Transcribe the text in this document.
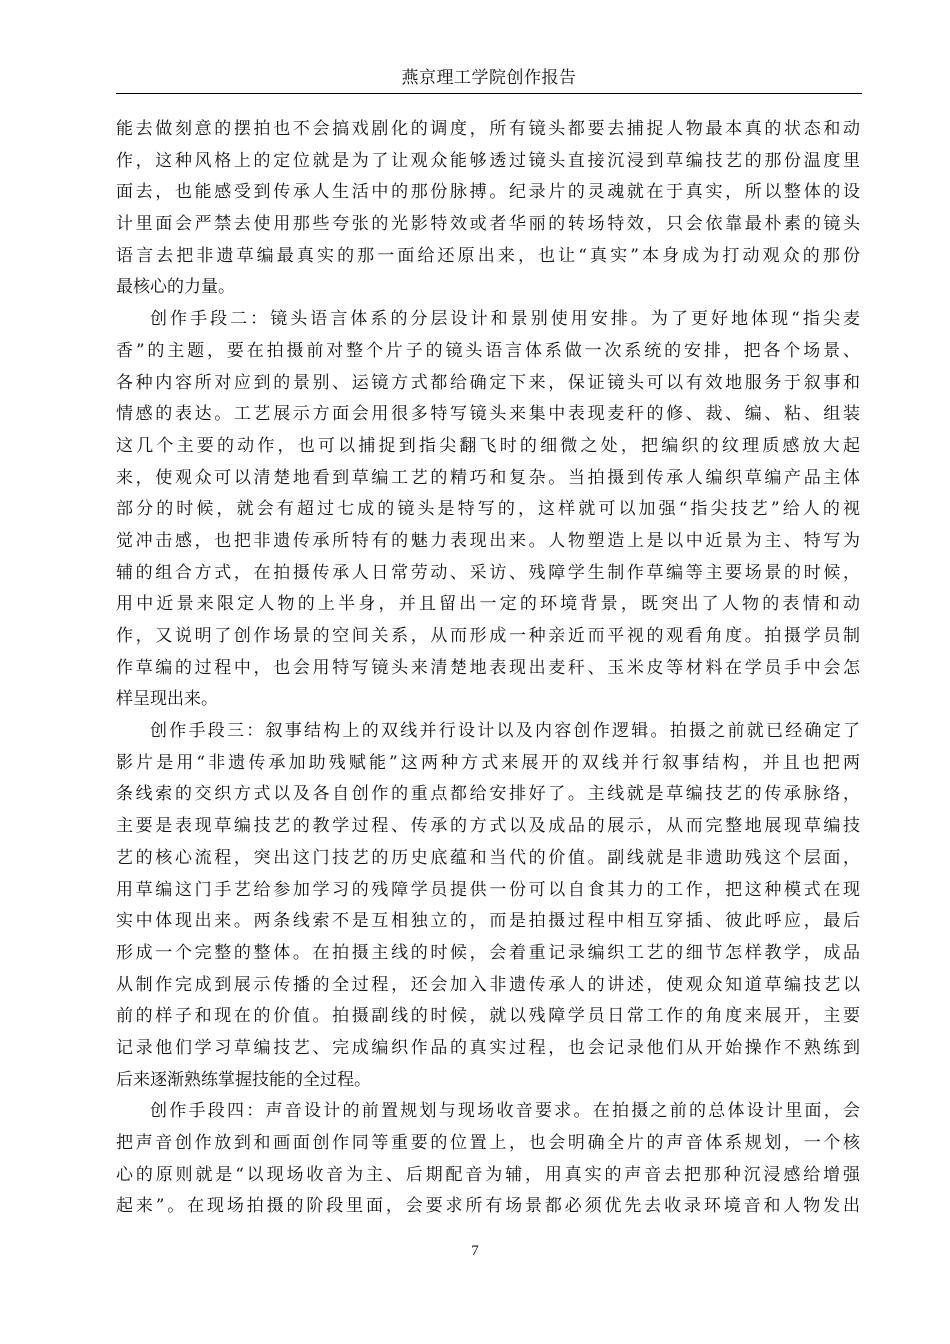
燕京理工学院创作报告
能去做刻意的摆拍也不会搞戏剧化的调度，所有镜头都要去捕捉人物最本真的状态和动
作，这种风格上的定位就是为了让观众能够透过镜头直接沉浸到草编技艺的那份温度里
面去，也能感受到传承人生活中的那份脉搏。纪录片的灵魂就在于真实，所以整体的设
计里面会严禁去使用那些夸张的光影特效或者华丽的转场特效，只会依靠最朴素的镜头
语言去把非遗草编最真实的那一面给还原出来，也让“真实”本身成为打动观众的那份
最核心的力量。
创作手段二：镜头语言体系的分层设计和景别使用安排。为了更好地体现“指尖麦
香”的主题，要在拍摄前对整个片子的镜头语言体系做一次系统的安排，把各个场景、
各种内容所对应到的景别、运镜方式都给确定下来，保证镜头可以有效地服务于叙事和
情感的表达。工艺展示方面会用很多特写镜头来集中表现麦秆的修、裁、编、粘、组装
这几个主要的动作，也可以捕捉到指尖翻飞时的细微之处，把编织的纹理质感放大起
来，使观众可以清楚地看到草编工艺的精巧和复杂。当拍摄到传承人编织草编产品主体
部分的时候，就会有超过七成的镜头是特写的，这样就可以加强“指尖技艺”给人的视
觉冲击感，也把非遗传承所特有的魅力表现出来。人物塑造上是以中近景为主、特写为
辅的组合方式，在拍摄传承人日常劳动、采访、残障学生制作草编等主要场景的时候，
用中近景来限定人物的上半身，并且留出一定的环境背景，既突出了人物的表情和动
作，又说明了创作场景的空间关系，从而形成一种亲近而平视的观看角度。拍摄学员制
作草编的过程中，也会用特写镜头来清楚地表现出麦秆、玉米皮等材料在学员手中会怎
样呈现出来。
创作手段三：叙事结构上的双线并行设计以及内容创作逻辑。拍摄之前就已经确定了
影片是用“非遗传承加助残赋能”这两种方式来展开的双线并行叙事结构，并且也把两
条线索的交织方式以及各自创作的重点都给安排好了。主线就是草编技艺的传承脉络，
主要是表现草编技艺的教学过程、传承的方式以及成品的展示，从而完整地展现草编技
艺的核心流程，突出这门技艺的历史底蕴和当代的价值。副线就是非遗助残这个层面，
用草编这门手艺给参加学习的残障学员提供一份可以自食其力的工作，把这种模式在现
实中体现出来。两条线索不是互相独立的，而是拍摄过程中相互穿插、彼此呼应，最后
形成一个完整的整体。在拍摄主线的时候，会着重记录编织工艺的细节怎样教学，成品
从制作完成到展示传播的全过程，还会加入非遗传承人的讲述，使观众知道草编技艺以
前的样子和现在的价值。拍摄副线的时候，就以残障学员日常工作的角度来展开，主要
记录他们学习草编技艺、完成编织作品的真实过程，也会记录他们从开始操作不熟练到
后来逐渐熟练掌握技能的全过程。
创作手段四：声音设计的前置规划与现场收音要求。在拍摄之前的总体设计里面，会
把声音创作放到和画面创作同等重要的位置上，也会明确全片的声音体系规划，一个核
心的原则就是“以现场收音为主、后期配音为辅，用真实的声音去把那种沉浸感给增强
起来”。在现场拍摄的阶段里面，会要求所有场景都必须优先去收录环境音和人物发出
7
